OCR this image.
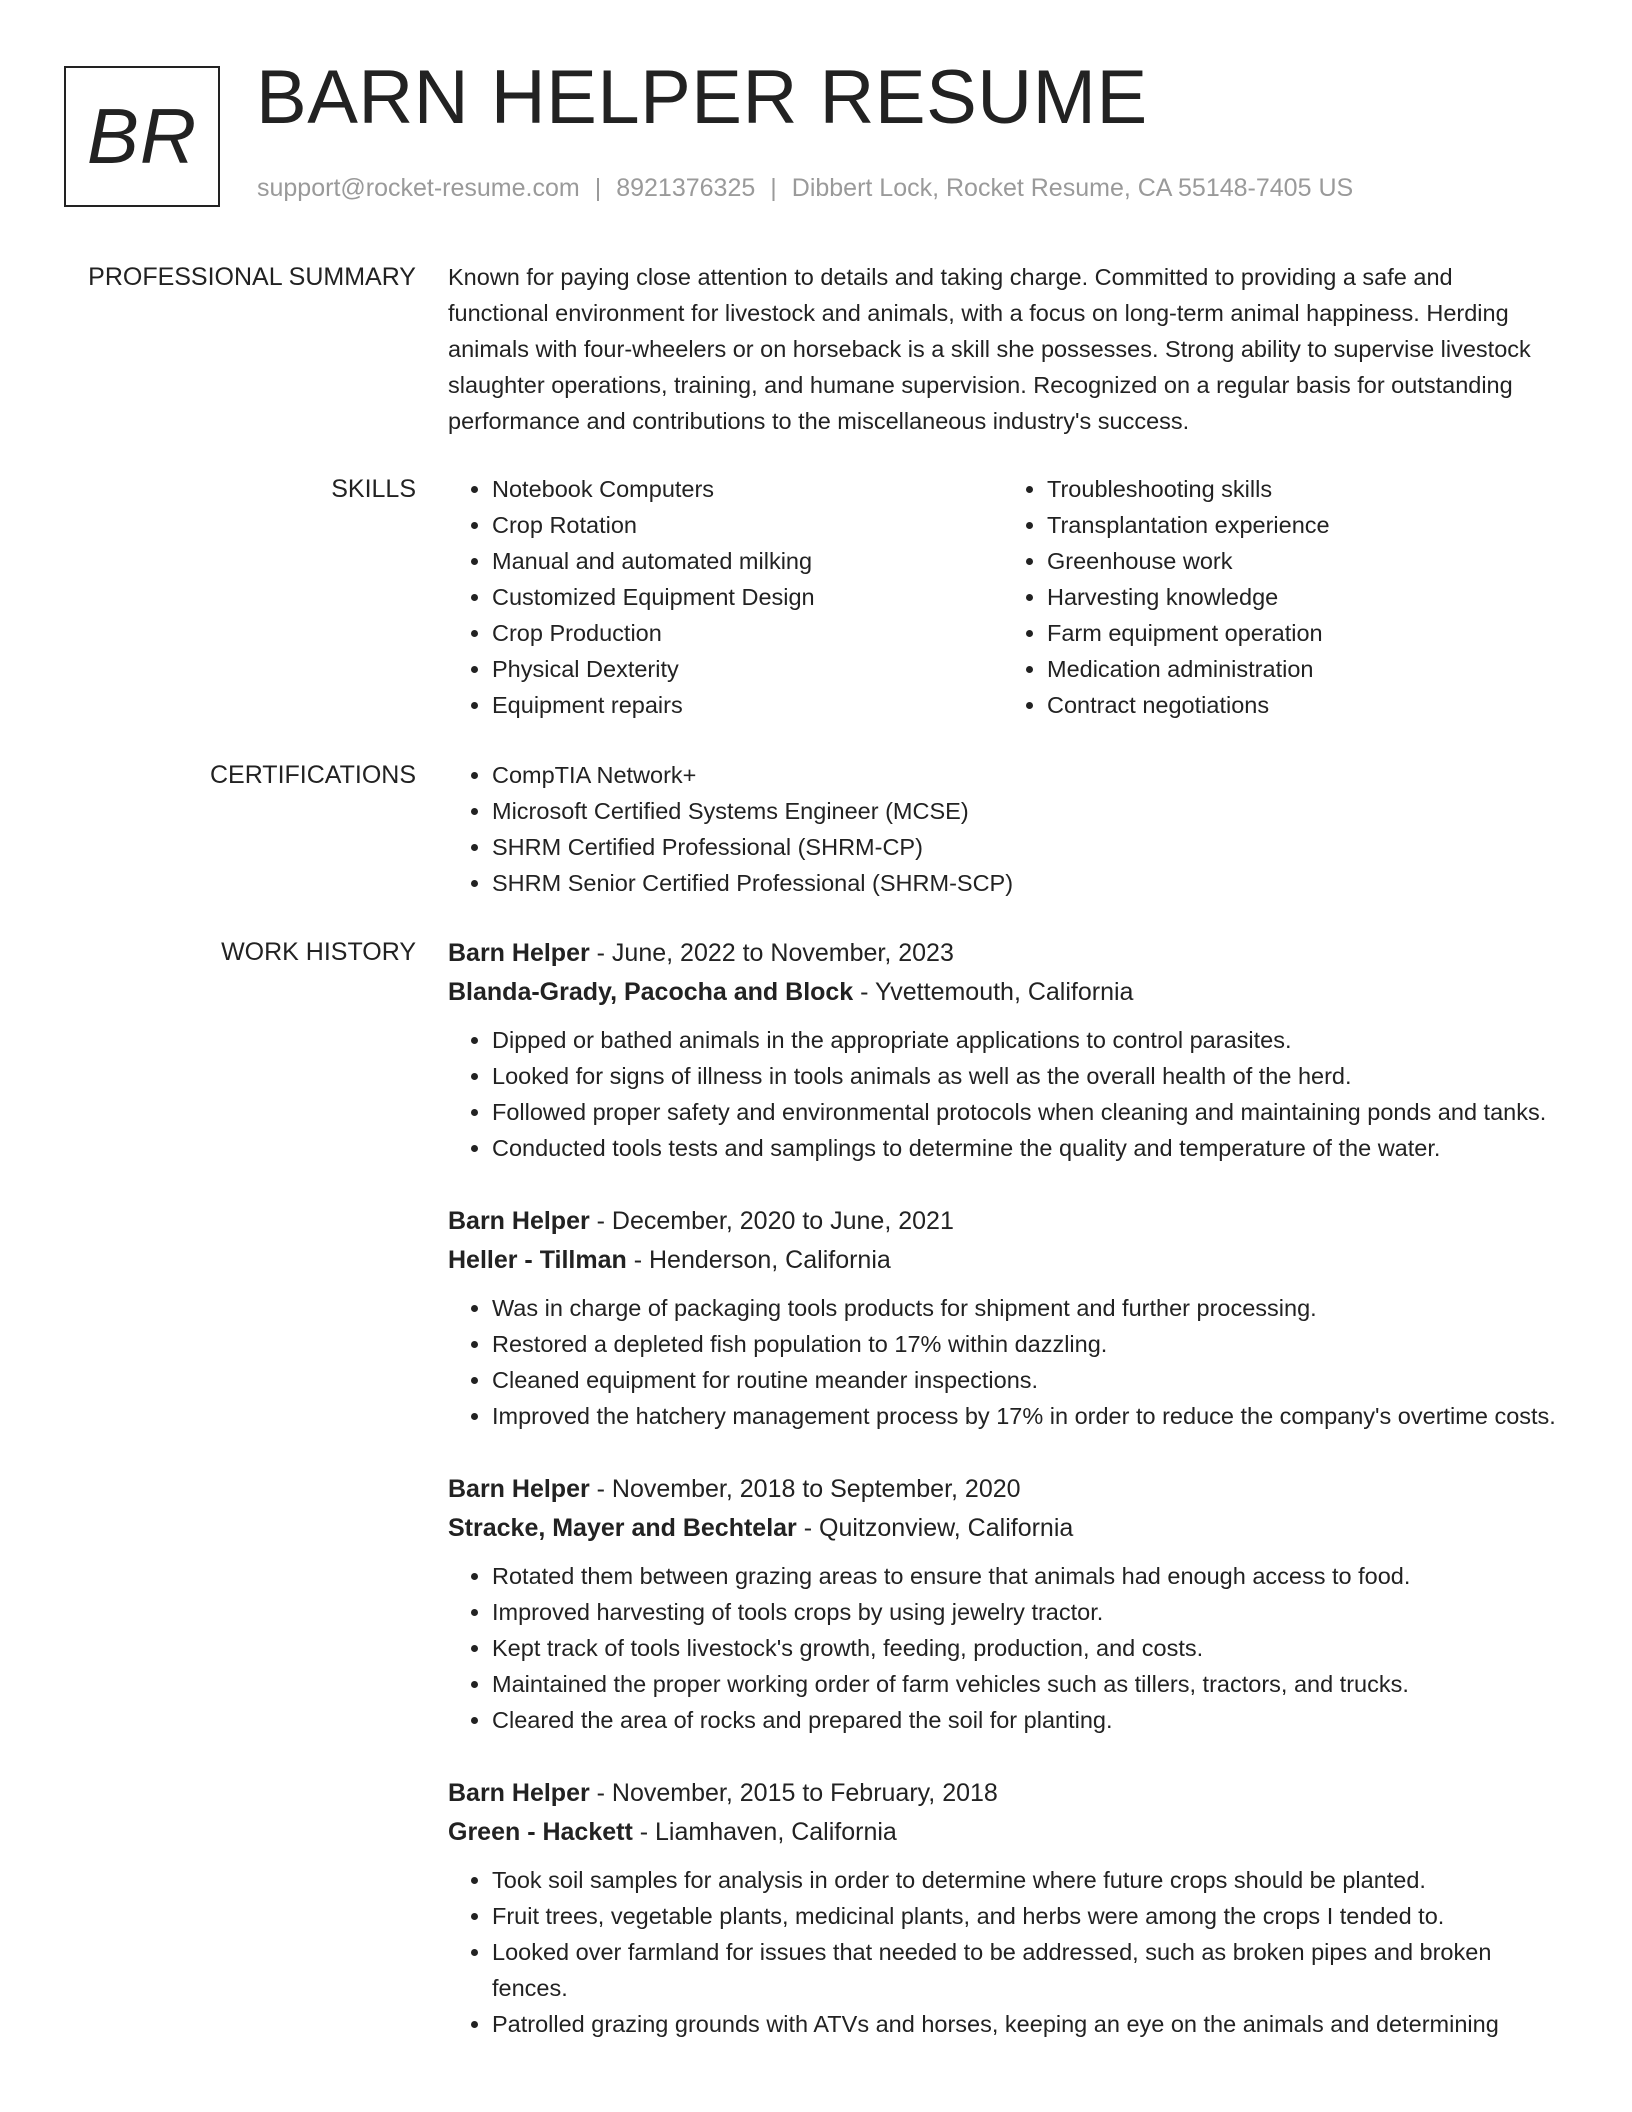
BR BARN HELPER RESUME
support@rocket-resume.com | 8921376325 | Dibbert Lock, Rocket Resume, CA 55148-7405 US
PROFESSIONAL SUMMARY Known for paying close attention to details and taking charge. Committed to providing a safe and functional environment for livestock and animals, with a focus on long-term animal happiness. Herding animals with four-wheelers or on horseback is a skill she possesses. Strong ability to supervise livestock slaughter operations, training, and humane supervision. Recognized on a regular basis for outstanding performance and contributions to the miscellaneous industry's success.

SKILLS	• Notebook Computers
• Crop Rotation
• Manual and automated milking
• Customized Equipment Design
• Crop Production
• Physical Dexterity
• Equipment repairs
• Troubleshooting skills
• Transplantation experience
• Greenhouse work
• Harvesting knowledge
• Farm equipment operation
• Medication administration
• Contract negotiations
CERTIFICATIONS	• CompTIA Network+
• Microsoft Certified Systems Engineer (MCSE)
• SHRM Certified Professional (SHRM-CP)
• SHRM Senior Certified Professional (SHRM-SCP)
WORK HISTORY Barn Helper - June, 2022 to November, 2023
Blanda-Grady, Pacocha and Block - Yvettemouth, California
• Dipped or bathed animals in the appropriate applications to control parasites.
• Looked for signs of illness in tools animals as well as the overall health of the herd.
• Followed proper safety and environmental protocols when cleaning and maintaining ponds and tanks.
• Conducted tools tests and samplings to determine the quality and temperature of the water.
Barn Helper - December, 2020 to June, 2021
Heller - Tillman - Henderson, California
• Was in charge of packaging tools products for shipment and further processing.
• Restored a depleted fish population to 17% within dazzling.
• Cleaned equipment for routine meander inspections.
• Improved the hatchery management process by 17% in order to reduce the company's overtime costs.
Barn Helper - November, 2018 to September, 2020
Stracke, Mayer and Bechtelar - Quitzonview, California
• Rotated them between grazing areas to ensure that animals had enough access to food.
• Improved harvesting of tools crops by using jewelry tractor.
• Kept track of tools livestock's growth, feeding, production, and costs.
• Maintained the proper working order of farm vehicles such as tillers, tractors, and trucks.
• Cleared the area of rocks and prepared the soil for planting.
Barn Helper - November, 2015 to February, 2018
Green - Hackett - Liamhaven, California
• Took soil samples for analysis in order to determine where future crops should be planted.
• Fruit trees, vegetable plants, medicinal plants, and herbs were among the crops I tended to.
• Looked over farmland for issues that needed to be addressed, such as broken pipes and broken fences.
• Patrolled grazing grounds with ATVs and horses, keeping an eye on the animals and determining
